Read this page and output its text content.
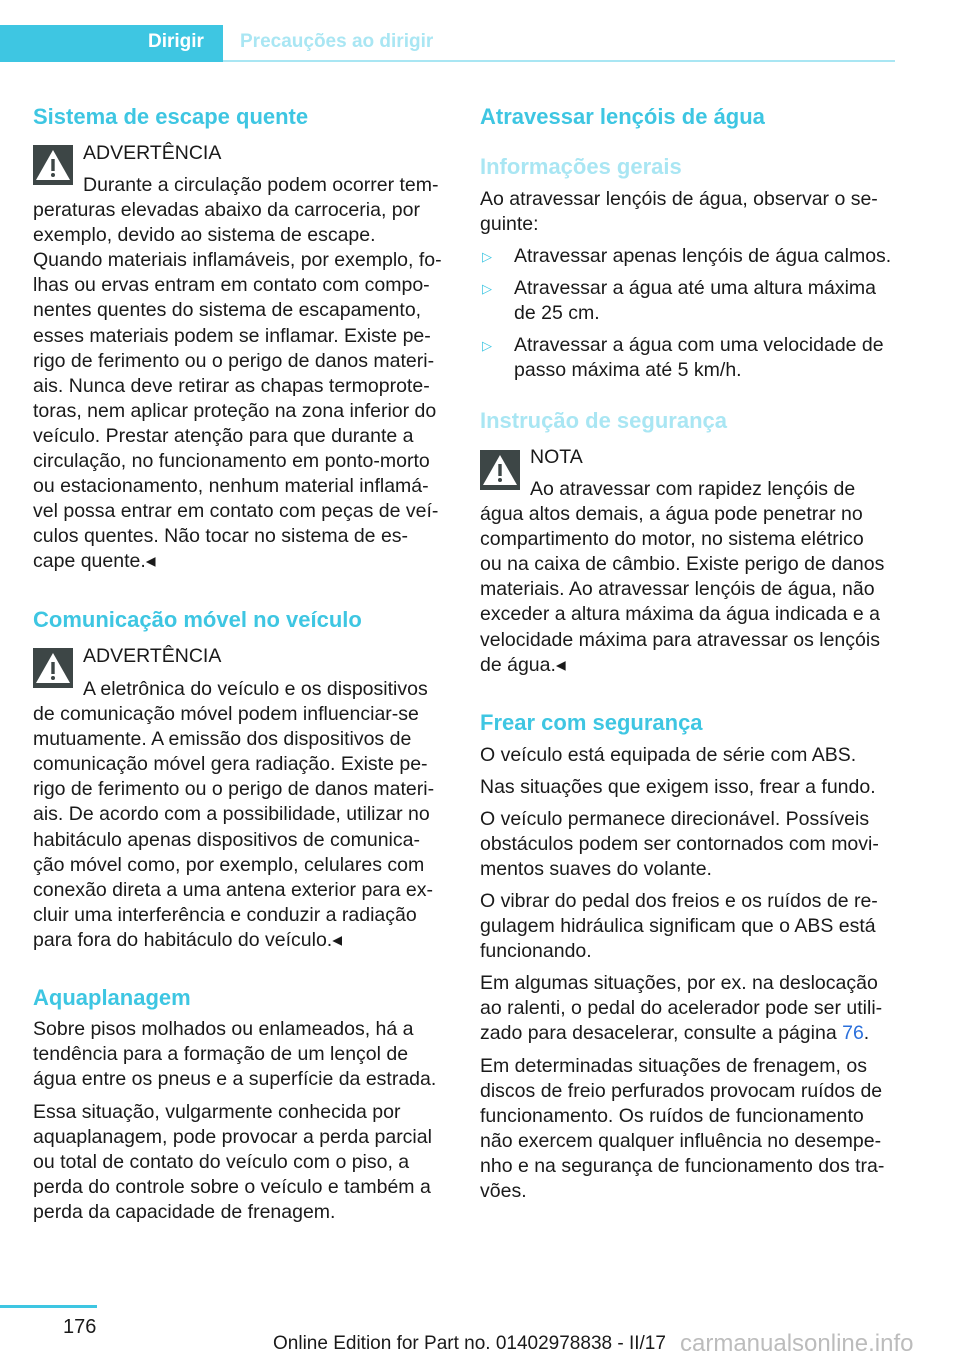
Dirigir Precauções ao dirigir
Sistema de escape quente
ADVERTÊNCIA
Durante a circulação podem ocorrer tem-
peraturas elevadas abaixo da carroceria, por
exemplo, devido ao sistema de escape.
Quando materiais inflamáveis, por exemplo, fo-
lhas ou ervas entram em contato com compo-
nentes quentes do sistema de escapamento,
esses materiais podem se inflamar. Existe pe-
rigo de ferimento ou o perigo de danos materi-
ais. Nunca deve retirar as chapas termoprote-
toras, nem aplicar proteção na zona inferior do
veículo. Prestar atenção para que durante a
circulação, no funcionamento em ponto-morto
ou estacionamento, nenhum material inflamá-
vel possa entrar em contato com peças de veí-
culos quentes. Não tocar no sistema de es-
cape quente.◂
Comunicação móvel no veículo
ADVERTÊNCIA
A eletrônica do veículo e os dispositivos
de comunicação móvel podem influenciar-se
mutuamente. A emissão dos dispositivos de
comunicação móvel gera radiação. Existe pe-
rigo de ferimento ou o perigo de danos materi-
ais. De acordo com a possibilidade, utilizar no
habitáculo apenas dispositivos de comunica-
ção móvel como, por exemplo, celulares com
conexão direta a uma antena exterior para ex-
cluir uma interferência e conduzir a radiação
para fora do habitáculo do veículo.◂
Aquaplanagem
Sobre pisos molhados ou enlameados, há a
tendência para a formação de um lençol de
água entre os pneus e a superfície da estrada.
Essa situação, vulgarmente conhecida por
aquaplanagem, pode provocar a perda parcial
ou total de contato do veículo com o piso, a
perda do controle sobre o veículo e também a
perda da capacidade de frenagem.
Atravessar lençóis de água
Informações gerais
Ao atravessar lençóis de água, observar o se-
guinte:
▷ Atravessar apenas lençóis de água calmos.
▷ Atravessar a água até uma altura máxima
de 25 cm.
▷ Atravessar a água com uma velocidade de
passo máxima até 5 km/h.
Instrução de segurança
NOTA
Ao atravessar com rapidez lençóis de
água altos demais, a água pode penetrar no
compartimento do motor, no sistema elétrico
ou na caixa de câmbio. Existe perigo de danos
materiais. Ao atravessar lençóis de água, não
exceder a altura máxima da água indicada e a
velocidade máxima para atravessar os lençóis
de água.◂
Frear com segurança
O veículo está equipada de série com ABS.
Nas situações que exigem isso, frear a fundo.
O veículo permanece direcionável. Possíveis
obstáculos podem ser contornados com movi-
mentos suaves do volante.
O vibrar do pedal dos freios e os ruídos de re-
gulagem hidráulica significam que o ABS está
funcionando.
Em algumas situações, por ex. na deslocação
ao ralenti, o pedal do acelerador pode ser utili-
zado para desacelerar, consulte a página 76.
Em determinadas situações de frenagem, os
discos de freio perfurados provocam ruídos de
funcionamento. Os ruídos de funcionamento
não exercem qualquer influência no desempe-
nho e na segurança de funcionamento dos tra-
vões.
176
Online Edition for Part no. 01402978838 - II/17 carmanualsonline.info
